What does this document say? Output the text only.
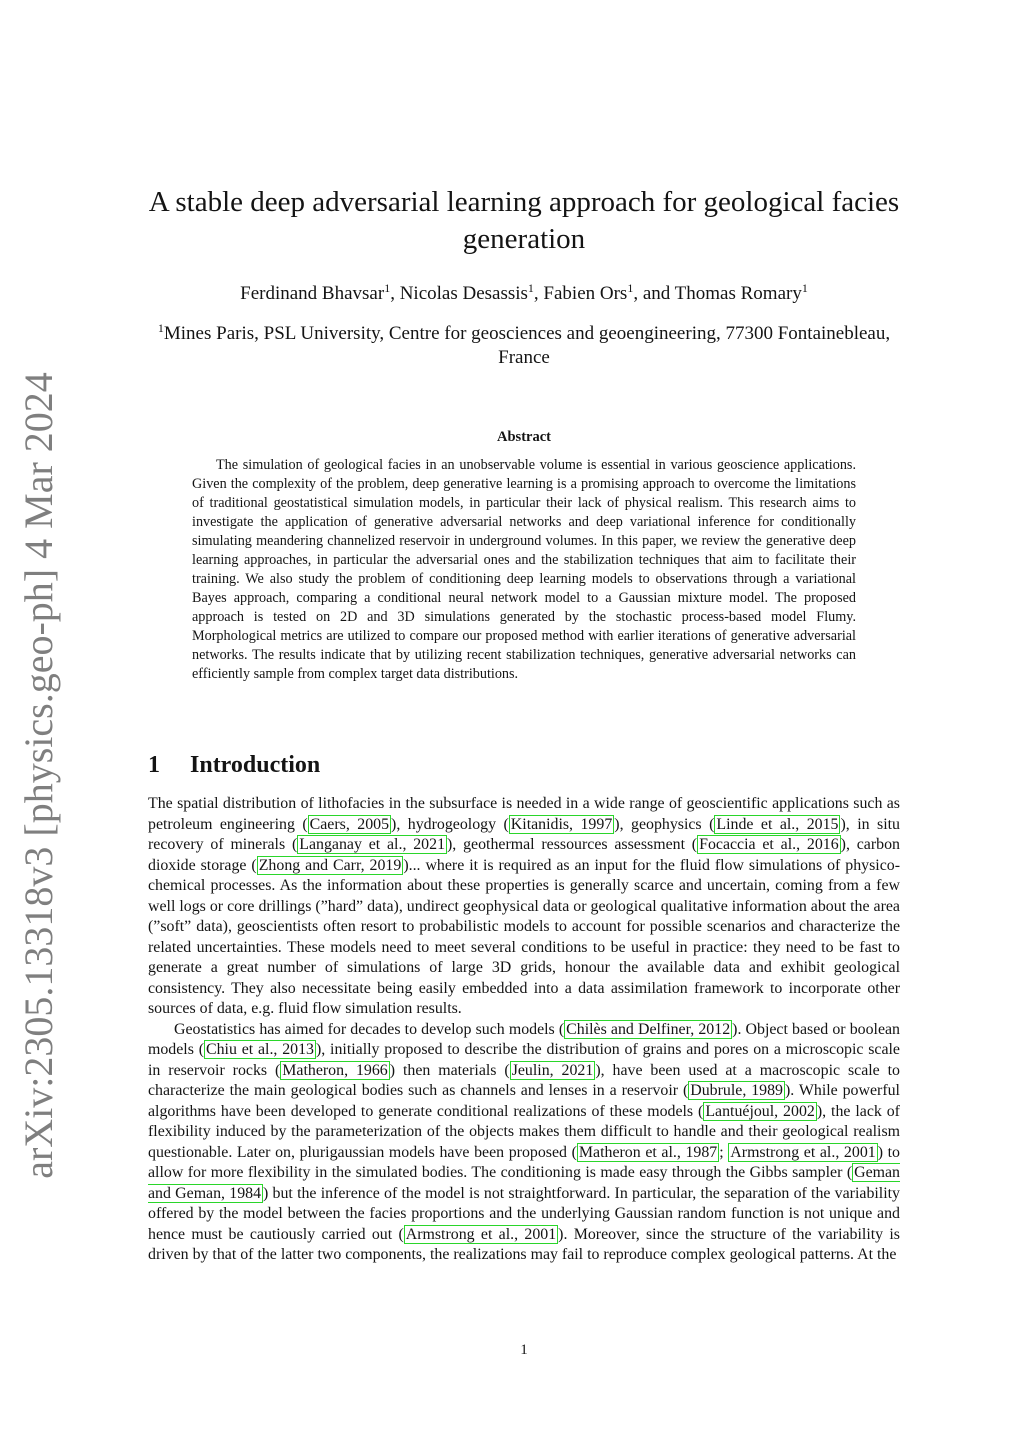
arXiv:2305.13318v3 [physics.geo-ph] 4 Mar 2024
A stable deep adversarial learning approach for geological facies generation
Ferdinand Bhavsar$^1$, Nicolas Desassis$^1$, Fabien Ors$^1$, and Thomas Romary$^1$
$^1$Mines Paris, PSL University, Centre for geosciences and geoengineering, 77300 Fontainebleau, France
Abstract

The simulation of geological facies in an unobservable volume is essential in various geoscience applications. Given the complexity of the problem, deep generative learning is a promising approach to overcome the limitations of traditional geostatistical simulation models, in particular their lack of physical realism. This research aims to investigate the application of generative adversarial networks and deep variational inference for conditionally simulating meandering channelized reservoir in underground volumes. In this paper, we review the generative deep learning approaches, in particular the adversarial ones and the stabilization techniques that aim to facilitate their training. We also study the problem of conditioning deep learning models to observations through a variational Bayes approach, comparing a conditional neural network model to a Gaussian mixture model. The proposed approach is tested on 2D and 3D simulations generated by the stochastic process-based model Flumy. Morphological metrics are utilized to compare our proposed method with earlier iterations of generative adversarial networks. The results indicate that by utilizing recent stabilization techniques, generative adversarial networks can efficiently sample from complex target data distributions.

1 Introduction

The spatial distribution of lithofacies in the subsurface is needed in a wide range of geoscientific applications such as petroleum engineering ( Caers, 2005 ), hydrogeology ( Kitanidis, 1997 ), geophysics ( Linde et al., 2015 ), in situ recovery of minerals ( Langanay et al., 2021 ), geothermal ressources assessment ( Focaccia et al., 2016 ), carbon dioxide storage ( Zhong and Carr, 2019 )... where it is required as an input for the fluid flow simulations of physico-chemical processes. As the information about these properties is generally scarce and uncertain, coming from a few well logs or core drillings (”hard” data), undirect geophysical data or geological qualitative information about the area (”soft” data), geoscientists often resort to probabilistic models to account for possible scenarios and characterize the related uncertainties. These models need to meet several conditions to be useful in practice: they need to be fast to generate a great number of simulations of large 3D grids, honour the available data and exhibit geological consistency. They also necessitate being easily embedded into a data assimilation framework to incorporate other sources of data, e.g. fluid flow simulation results.

Geostatistics has aimed for decades to develop such models ( Chilès and Delfiner, 2012 ). Object based or boolean models ( Chiu et al., 2013 ), initially proposed to describe the distribution of grains and pores on a microscopic scale in reservoir rocks ( Matheron, 1966 ) then materials ( Jeulin, 2021 ), have been used at a macroscopic scale to characterize the main geological bodies such as channels and lenses in a reservoir ( Dubrule, 1989 ). While powerful algorithms have been developed to generate conditional realizations of these models ( Lantuéjoul, 2002 ), the lack of flexibility induced by the parameterization of the objects makes them difficult to handle and their geological realism questionable. Later on, plurigaussian models have been proposed ( Matheron et al., 1987 ; Armstrong et al., 2001 ) to allow for more flexibility in the simulated bodies. The conditioning is made easy through the Gibbs sampler ( Geman and Geman, 1984 ) but the inference of the model is not straightforward. In particular, the separation of the variability offered by the model between the facies proportions and the underlying Gaussian random function is not unique and hence must be cautiously carried out ( Armstrong et al., 2001 ). Moreover, since the structure of the variability is driven by that of the latter two components, the realizations may fail to reproduce complex geological patterns. At the

1
